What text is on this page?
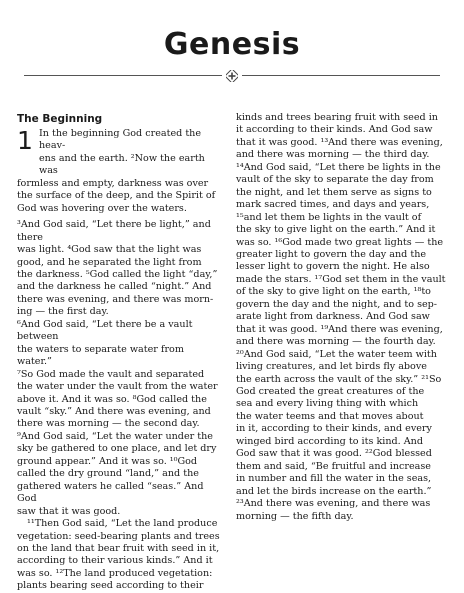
Genesis
The Beginning
1 In the beginning God created the heav-

ens and the earth. ²Now the earth was

formless and empty, darkness was over

the surface of the deep, and the Spirit of

God was hovering over the waters.

³And God said, “Let there be light,” and there

was light. ⁴God saw that the light was

good, and he separated the light from

the darkness. ⁵God called the light “day,”

and the darkness he called “night.” And

there was evening, and there was morn-

ing — the first day.

⁶And God said, “Let there be a vault between

the waters to separate water from water.”

⁷So God made the vault and separated

the water under the vault from the water

above it. And it was so. ⁸God called the

vault “sky.” And there was evening, and

there was morning — the second day.

⁹And God said, “Let the water under the

sky be gathered to one place, and let dry

ground appear.” And it was so. ¹⁰God

called the dry ground “land,” and the

gathered waters he called “seas.” And God

saw that it was good.

¹¹Then God said, “Let the land produce

vegetation: seed-bearing plants and trees

on the land that bear fruit with seed in it,

according to their various kinds.” And it

was so. ¹²The land produced vegetation:

plants bearing seed according to their

kinds and trees bearing fruit with seed in

it according to their kinds. And God saw

that it was good. ¹³And there was evening,

and there was morning — the third day.

¹⁴And God said, “Let there be lights in the

vault of the sky to separate the day from

the night, and let them serve as signs to

mark sacred times, and days and years,

¹⁵and let them be lights in the vault of

the sky to give light on the earth.” And it

was so. ¹⁶God made two great lights — the

greater light to govern the day and the

lesser light to govern the night. He also

made the stars. ¹⁷God set them in the vault

of the sky to give light on the earth, ¹⁸to

govern the day and the night, and to sep-

arate light from darkness. And God saw

that it was good. ¹⁹And there was evening,

and there was morning — the fourth day.

²⁰And God said, “Let the water teem with

living creatures, and let birds fly above

the earth across the vault of the sky.” ²¹So

God created the great creatures of the

sea and every living thing with which

the water teems and that moves about

in it, according to their kinds, and every

winged bird according to its kind. And

God saw that it was good. ²²God blessed

them and said, “Be fruitful and increase

in number and fill the water in the seas,

and let the birds increase on the earth.”

²³And there was evening, and there was

morning — the fifth day.
